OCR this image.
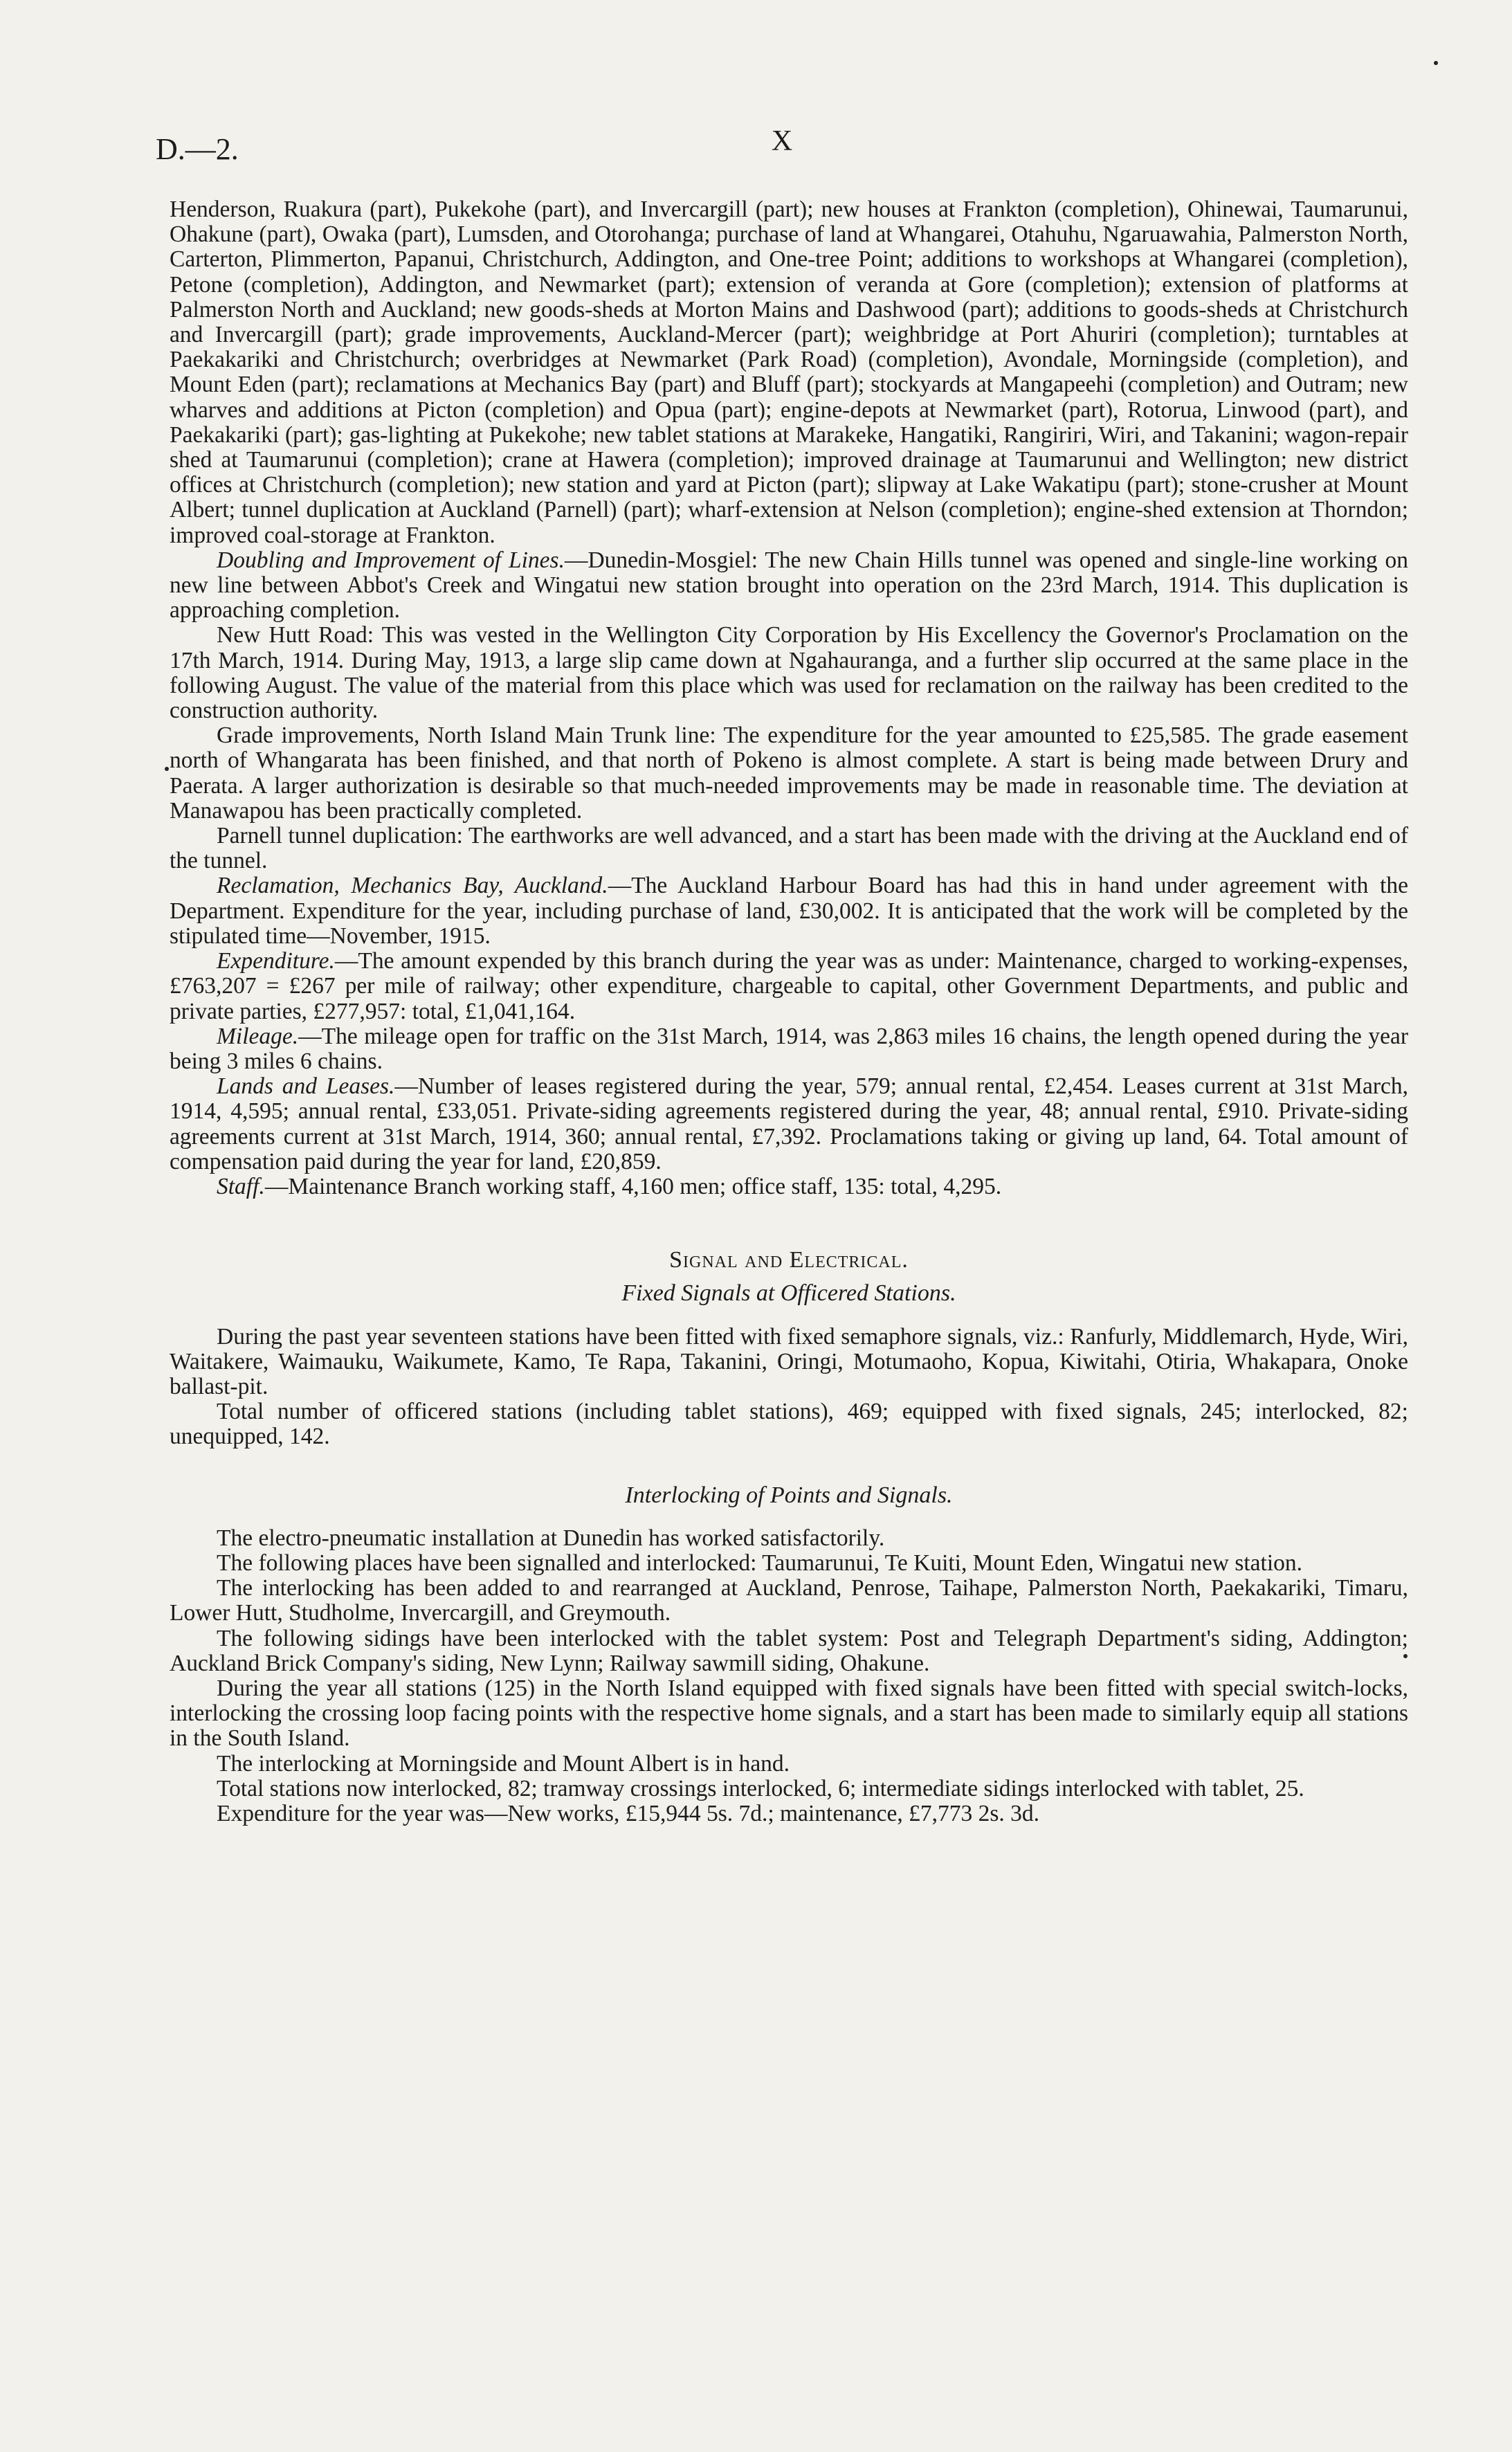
D.—2.	X

Henderson, Ruakura (part), Pukekohe (part), and Invercargill (part); new houses at Frankton (completion), Ohinewai, Taumarunui, Ohakune (part), Owaka (part), Lumsden, and Otorohanga; purchase of land at Whangarei, Otahuhu, Ngaruawahia, Palmerston North, Carterton, Plimmerton, Papanui, Christchurch, Addington, and One-tree Point; additions to workshops at Whangarei (completion), Petone (completion), Addington, and Newmarket (part); extension of veranda at Gore (completion); extension of platforms at Palmerston North and Auckland; new goods-sheds at Morton Mains and Dashwood (part); additions to goods-sheds at Christchurch and Invercargill (part); grade improvements, Auckland-Mercer (part); weighbridge at Port Ahuriri (completion); turntables at Paekakariki and Christchurch; overbridges at Newmarket (Park Road) (completion), Avondale, Morningside (completion), and Mount Eden (part); reclamations at Mechanics Bay (part) and Bluff (part); stockyards at Mangapeehi (completion) and Outram; new wharves and additions at Picton (completion) and Opua (part); engine-depots at Newmarket (part), Rotorua, Linwood (part), and Paekakariki (part); gas-lighting at Pukekohe; new tablet stations at Marakeke, Hangatiki, Rangiriri, Wiri, and Takanini; wagon-repair shed at Taumarunui (completion); crane at Hawera (completion); improved drainage at Taumarunui and Wellington; new district offices at Christchurch (completion); new station and yard at Picton (part); slipway at Lake Wakatipu (part); stone-crusher at Mount Albert; tunnel duplication at Auckland (Parnell) (part); wharf-extension at Nelson (completion); engine-shed extension at Thorndon; improved coal-storage at Frankton.

Doubling and Improvement of Lines.—Dunedin-Mosgiel: The new Chain Hills tunnel was opened and single-line working on new line between Abbot's Creek and Wingatui new station brought into operation on the 23rd March, 1914. This duplication is approaching completion.

New Hutt Road: This was vested in the Wellington City Corporation by His Excellency the Governor's Proclamation on the 17th March, 1914. During May, 1913, a large slip came down at Ngahauranga, and a further slip occurred at the same place in the following August. The value of the material from this place which was used for reclamation on the railway has been credited to the construction authority.

Grade improvements, North Island Main Trunk line: The expenditure for the year amounted to £25,585. The grade easement north of Whangarata has been finished, and that north of Pokeno is almost complete. A start is being made between Drury and Paerata. A larger authorization is desirable so that much-needed improvements may be made in reasonable time. The deviation at Manawapou has been practically completed.

Parnell tunnel duplication: The earthworks are well advanced, and a start has been made with the driving at the Auckland end of the tunnel.

Reclamation, Mechanics Bay, Auckland.—The Auckland Harbour Board has had this in hand under agreement with the Department. Expenditure for the year, including purchase of land, £30,002. It is anticipated that the work will be completed by the stipulated time—November, 1915.

Expenditure.—The amount expended by this branch during the year was as under: Maintenance, charged to working-expenses, £763,207 = £267 per mile of railway; other expenditure, chargeable to capital, other Government Departments, and public and private parties, £277,957: total, £1,041,164.

Mileage.—The mileage open for traffic on the 31st March, 1914, was 2,863 miles 16 chains, the length opened during the year being 3 miles 6 chains.

Lands and Leases.—Number of leases registered during the year, 579; annual rental, £2,454. Leases current at 31st March, 1914, 4,595; annual rental, £33,051. Private-siding agreements registered during the year, 48; annual rental, £910. Private-siding agreements current at 31st March, 1914, 360; annual rental, £7,392. Proclamations taking or giving up land, 64. Total amount of compensation paid during the year for land, £20,859.

Staff.—Maintenance Branch working staff, 4,160 men; office staff, 135: total, 4,295.

Signal and Electrical.
Fixed Signals at Officered Stations.

During the past year seventeen stations have been fitted with fixed semaphore signals, viz.: Ranfurly, Middlemarch, Hyde, Wiri, Waitakere, Waimauku, Waikumete, Kamo, Te Rapa, Takanini, Oringi, Motumaoho, Kopua, Kiwitahi, Otiria, Whakapara, Onoke ballast-pit.

Total number of officered stations (including tablet stations), 469; equipped with fixed signals, 245; interlocked, 82; unequipped, 142.

Interlocking of Points and Signals.

The electro-pneumatic installation at Dunedin has worked satisfactorily.

The following places have been signalled and interlocked: Taumarunui, Te Kuiti, Mount Eden, Wingatui new station.

The interlocking has been added to and rearranged at Auckland, Penrose, Taihape, Palmerston North, Paekakariki, Timaru, Lower Hutt, Studholme, Invercargill, and Greymouth.

The following sidings have been interlocked with the tablet system: Post and Telegraph Department's siding, Addington; Auckland Brick Company's siding, New Lynn; Railway sawmill siding, Ohakune.

During the year all stations (125) in the North Island equipped with fixed signals have been fitted with special switch-locks, interlocking the crossing loop facing points with the respective home signals, and a start has been made to similarly equip all stations in the South Island.

The interlocking at Morningside and Mount Albert is in hand.

Total stations now interlocked, 82; tramway crossings interlocked, 6; intermediate sidings interlocked with tablet, 25.

Expenditure for the year was—New works, £15,944 5s. 7d.; maintenance, £7,773 2s. 3d.
